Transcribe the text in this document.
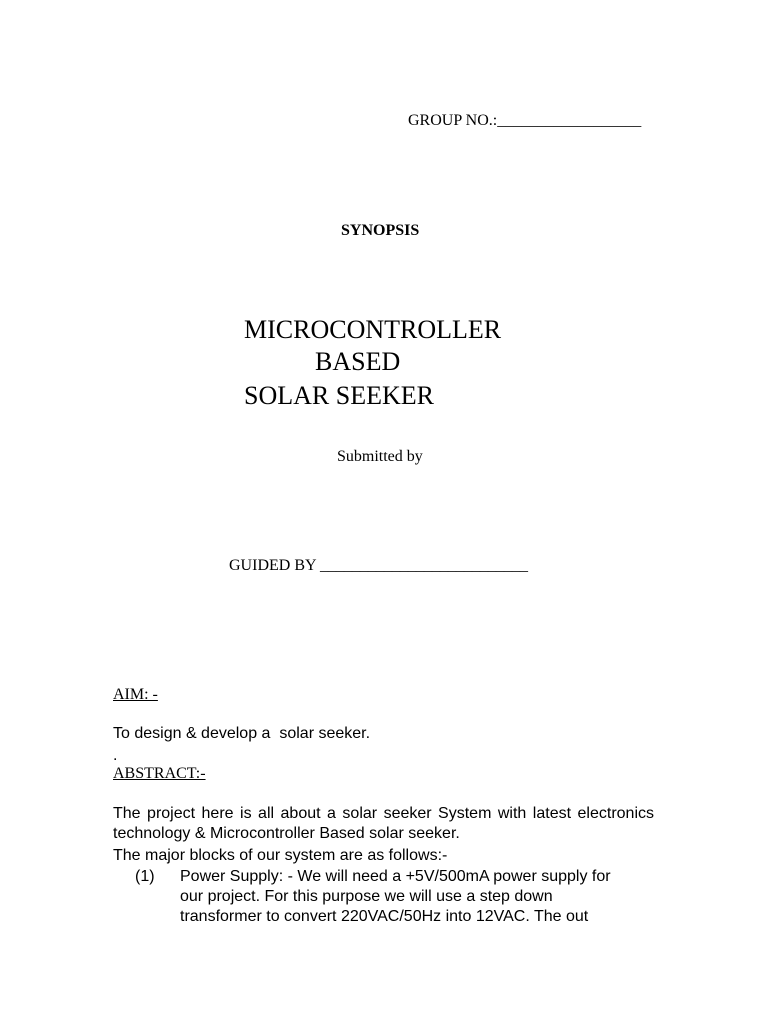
GROUP NO.:__________________
SYNOPSIS
MICROCONTROLLER
BASED
SOLAR SEEKER
Submitted by
GUIDED BY __________________________
AIM: -
To design & develop a  solar seeker.
.
ABSTRACT:-
The project here is all about a solar seeker System with latest electronics technology & Microcontroller Based solar seeker.
The major blocks of our system are as follows:-
(1) Power Supply: - We will need a +5V/500mA power supply for
our project. For this purpose we will use a step down
transformer to convert 220VAC/50Hz into 12VAC. The out
